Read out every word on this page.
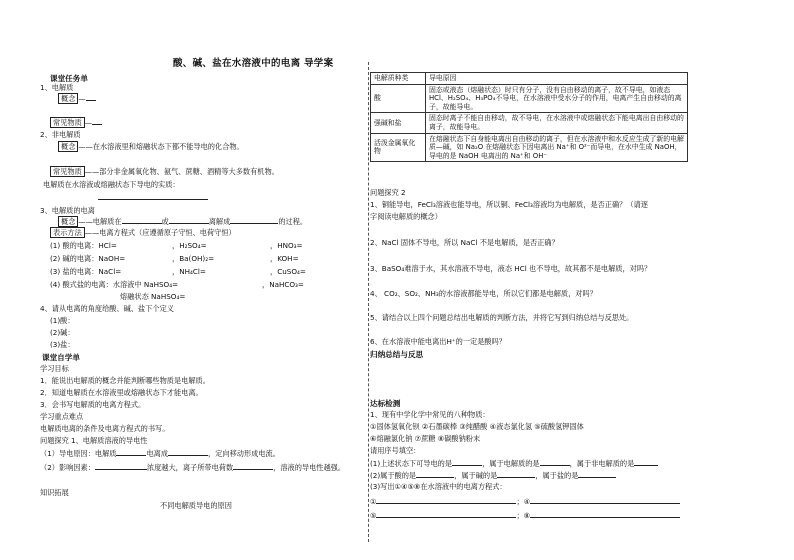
酸、碱、盐在水溶液中的电离 导学案
课堂任务单
1、电解质
概念 —
常见物质 —
2、非电解质
概念 ——在水溶液里和熔融状态下都不能导电的化合物。
常见物质 ——部分非金属氧化物、氨气、蔗糖、酒精等大多数有机物。
电解质在水溶液或熔融状态下导电的实质：
3、电解质的电离
概念 ——电解质在	或	离解成	的过程。
表示方法 ——电离方程式（应遵循原子守恒、电荷守恒）
(1) 酸的电离：HCl=	，H₂SO₄=	，HNO₃=
(2) 碱的电离：NaOH=	，Ba(OH)₂=	，KOH=
(3) 盐的电离：NaCl=	，NH₄Cl=	，CuSO₄=
(4) 酸式盐的电离：水溶液中 NaHSO₄=	，NaHCO₃=
熔融状态 NaHSO₄=
4、请从电离的角度给酸、碱、盐下个定义
(1)酸：
(2)碱：
(3)盐：
课堂自学单
学习目标
1．能说出电解质的概念并能判断哪些物质是电解质。
2．知道电解质在水溶液里或熔融状态下才能电离。
3．会书写电解质的电离方程式。
学习重点难点
电解质电离的条件及电离方程式的书写。
问题探究 1、电解质溶液的导电性
（1）导电原因：电解质	电离成	，定向移动形成电流。
（2）影响因素：	浓度越大，离子所带电荷数	，溶液的导电性越强。
知识拓展
不同电解质导电的原因
电解质种类	导电原因
酸	固态或液态（熔融状态）时只有分子，没有自由移动的离子，故不导电，如液态 HCl、H₂SO₄、H₃PO₄不导电，在水溶液中受水分子的作用，电离产生自由移动的离子，故能导电。
强碱和盐	固态时离子不能自由移动，故不导电，在水溶液中或熔融状态下能电离出自由移动的离子，故能导电。
活泼金属氧化物	在熔融状态下自身能电离出自由移动的离子，但在水溶液中和水反应生成了新的电解质—碱，如 Na₂O 在熔融状态下因电离出 Na⁺和 O²⁻而导电，在水中生成 NaOH，导电的是 NaOH 电离出的 Na⁺和 OH⁻
问题探究 2
1、铜能导电，FeCl₃溶液也能导电，所以铜、FeCl₃溶液均为电解质，是否正确？（请逐
字阅读电解质的概念）
2、NaCl 固体不导电，所以 NaCl 不是电解质，是否正确？
3、BaSO₄难溶于水，其水溶液不导电，液态 HCl 也不导电，故其都不是电解质，对吗？
4、 CO₂、SO₂、NH₃的水溶液都能导电，所以它们都是电解质，对吗？
5、请结合以上四个问题总结出电解质的判断方法，并将它写到归纳总结与反思处。
6、在水溶液中能电离出H⁺的一定是酸吗？
归纳总结与反思
达标检测
1、现有中学化学中常见的八种物质：
①固体氢氧化钡 ②石墨碳棒 ③纯醋酸 ④液态氯化氢 ⑤硫酸氢钾固体
⑥熔融氯化钠 ⑦蔗糖 ⑧碳酸钠粉末
请用序号填空：
(1)上述状态下可导电的是	，属于电解质的是	，属于非电解质的是
(2)属于酸的是	，属于碱的是	，属于盐的是
(3)写出①④⑤⑧在水溶液中的电离方程式：
①	；④
⑤	；⑧
